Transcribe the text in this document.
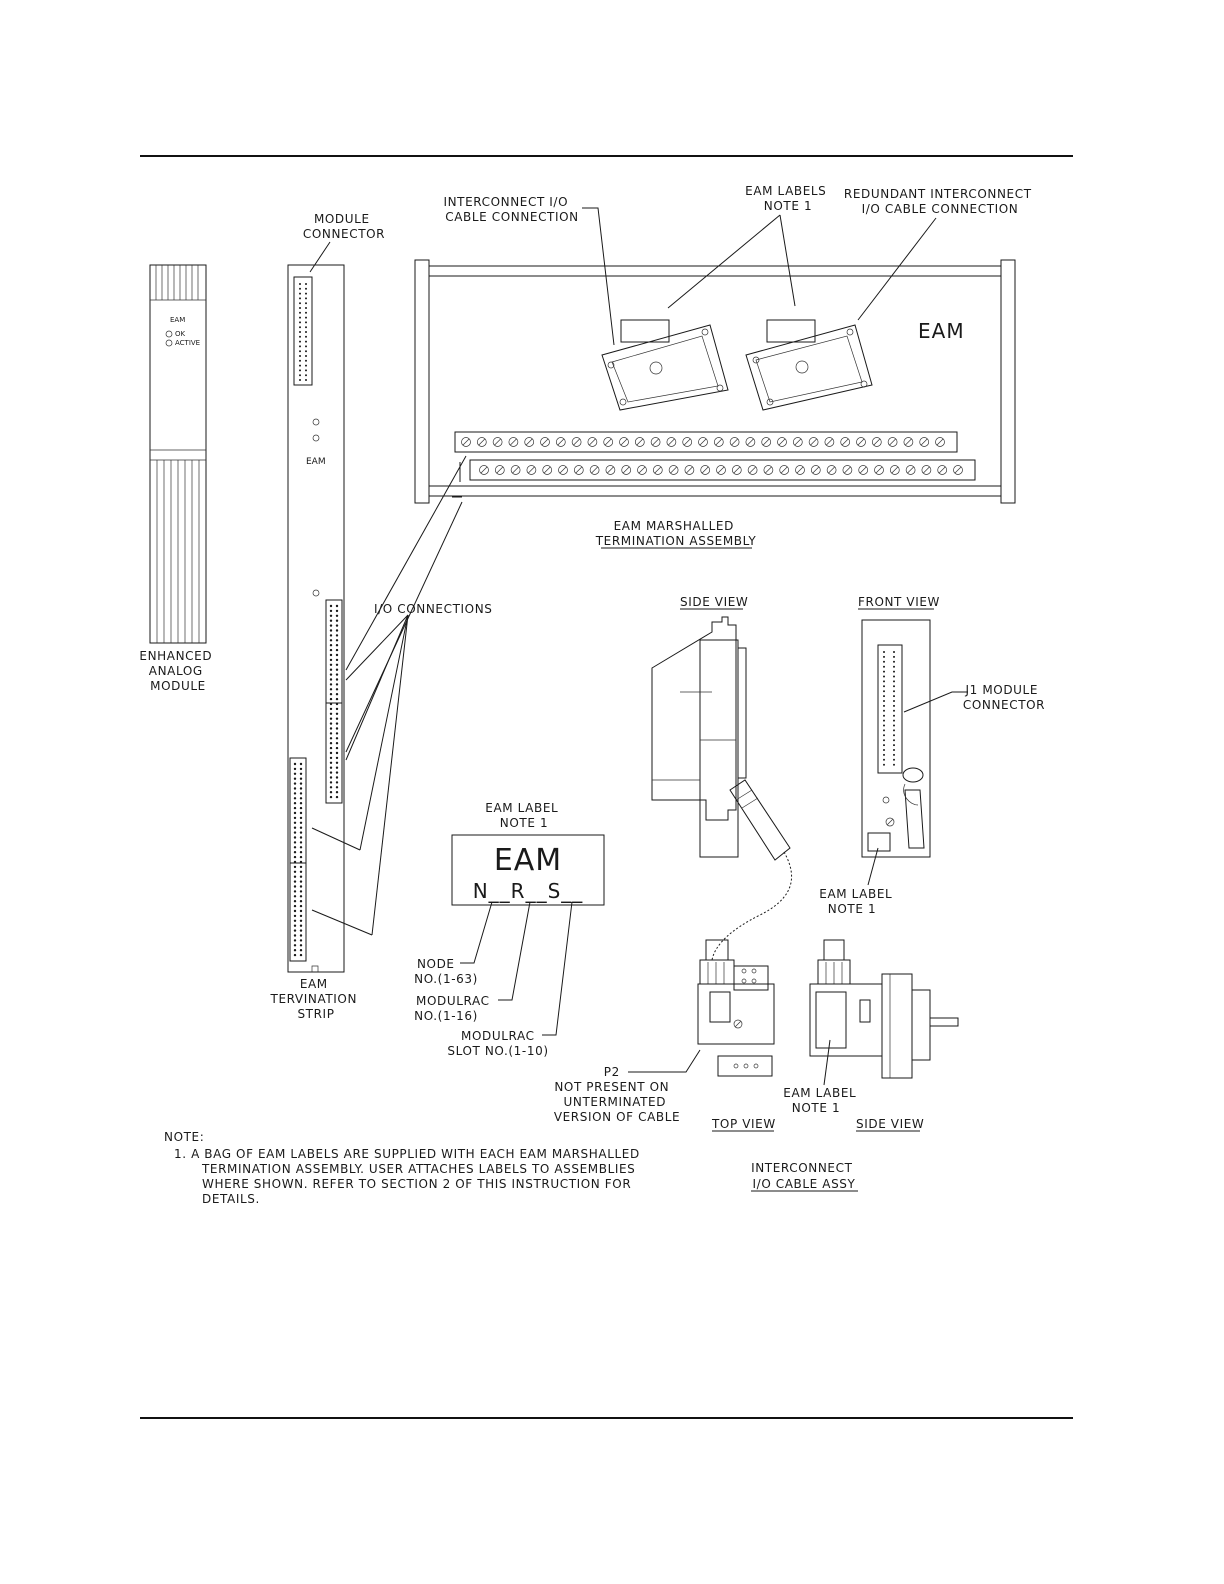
EAM
OK
ACTIVE
ENHANCED ANALOG MODULE
EAM
MODULE CONNECTOR
EAM TERVINATION STRIP
I/O CONNECTIONS
EAM
INTERCONNECT I/O CABLE CONNECTION
EAM LABELS NOTE 1
REDUNDANT INTERCONNECT I/O CABLE CONNECTION
EAM MARSHALLED TERMINATION ASSEMBLY
EAM LABEL NOTE 1
EAM
N__R__S__
NODE NO.(1-63)
MODULRAC NO.(1-16)
MODULRAC SLOT NO.(1-10)
SIDE VIEW	FRONT VIEW
J1 MODULE CONNECTOR
EAM LABEL NOTE 1
P2 NOT PRESENT ON UNTERMINATED VERSION OF CABLE	TOP VIEW
EAM LABEL NOTE 1
SIDE VIEW
INTERCONNECT I/O CABLE ASSY
NOTE:
1. A BAG OF EAM LABELS ARE SUPPLIED WITH EACH EAM MARSHALLED TERMINATION ASSEMBLY. USER ATTACHES LABELS TO ASSEMBLIES WHERE SHOWN. REFER TO SECTION 2 OF THIS INSTRUCTION FOR DETAILS.
